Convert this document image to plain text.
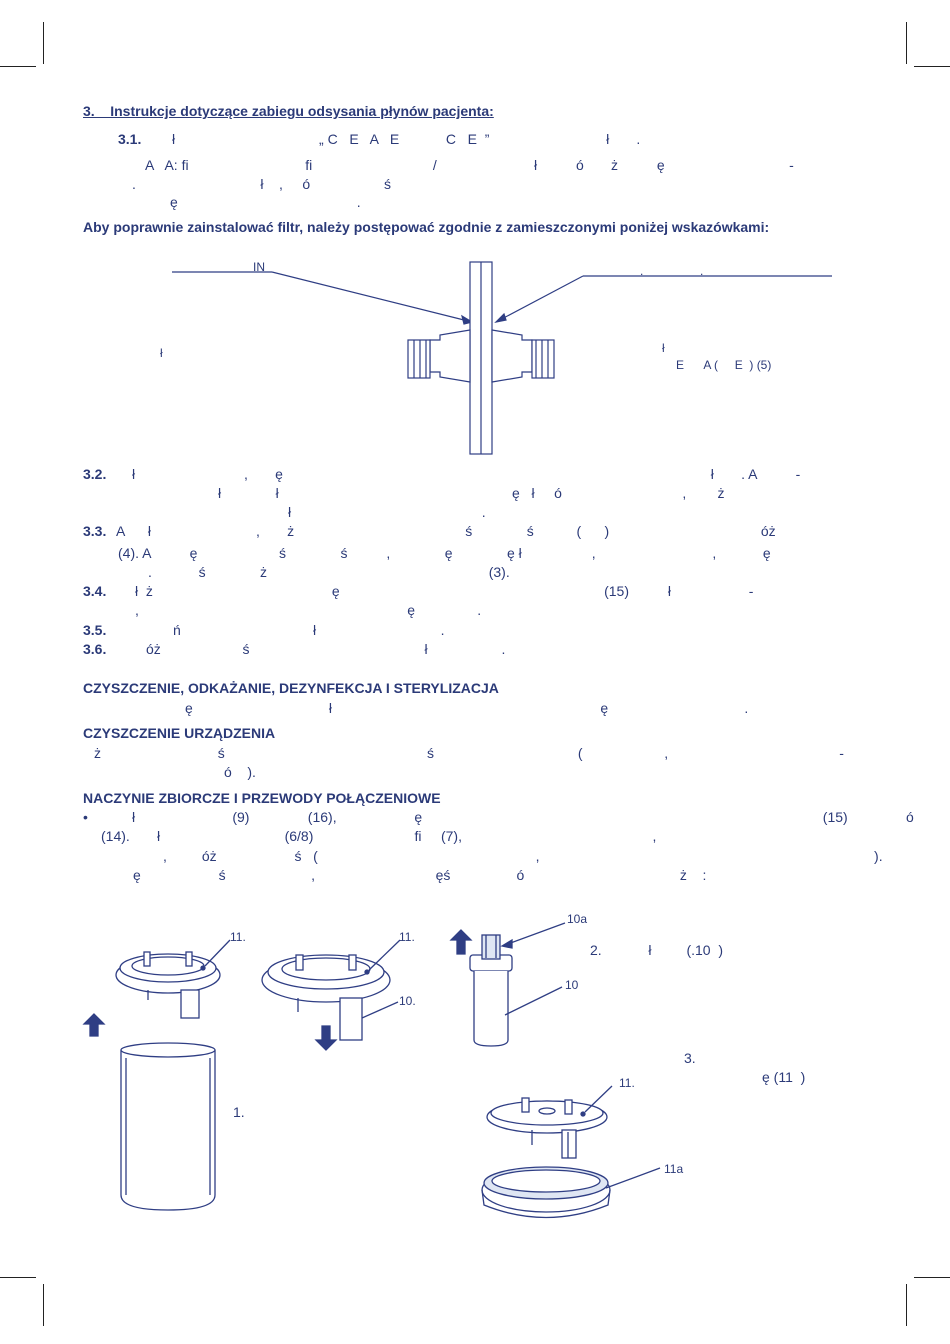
3.    Instrukcje dotyczące zabiegu odsysania płynów pacjenta:
3.1. ł                                     „ C   E   A   E            C   E  ”                              ł       .
A   A: fi                              fi                               /                         ł          ó       ż          ę                                -
.                                ł    ,     ó                   ś
ę                                              .
Aby poprawnie zainstalować filtr, należy postępować zgodnie z zamieszczonymi poniżej wskazówkami:
IN	.                 .
ł	ł
E      A (     E  ) (5)
3.2. ł                            ,       ę                                                                                                              ł       . A          -
ł              ł                                                            ę   ł     ó                               ,        ż
ł                                                 .
3.3. A      ł                           ,       ż                                            ś              ś           (      )                                       óż
(4). A          ę                     ś              ś          ,              ę              ę ł                  ,                              ,            ę
.            ś              ż                                                         (3).
3.4. ł  ż                                              ę                                                                    (15)          ł                    -
,                                                                     ę                .
3.5.	ń                                  ł                                .
3.6.	óż                     ś                                             ł                   .
CZYSZCZENIE, ODKAŻANIE, DEZYNFEKCJA I STERYLIZACJA
ę                                   ł                                                                     ę                                   .
CZYSZCZENIE URZĄDZENIA
ż                              ś                                                    ś                                     (                     ,                                            -
ó    ).
NACZYNIE ZBIORCZE I PRZEWODY POŁĄCZENIOWE
•	ł                         (9)               (16),                    ę                                                                                                       (15)               ó
(14).       ł                                (6/8)                          fi     (7),                                                 ,
,         óż                    ś   (                                                        ,                                                                                      ).
ę                    ś                      ,                               ęś                 ó                                        ż    :
1.
11.	11.
10.
10a
10
2.            ł         (.10  )
3.
ę (11  )
11.
11a
